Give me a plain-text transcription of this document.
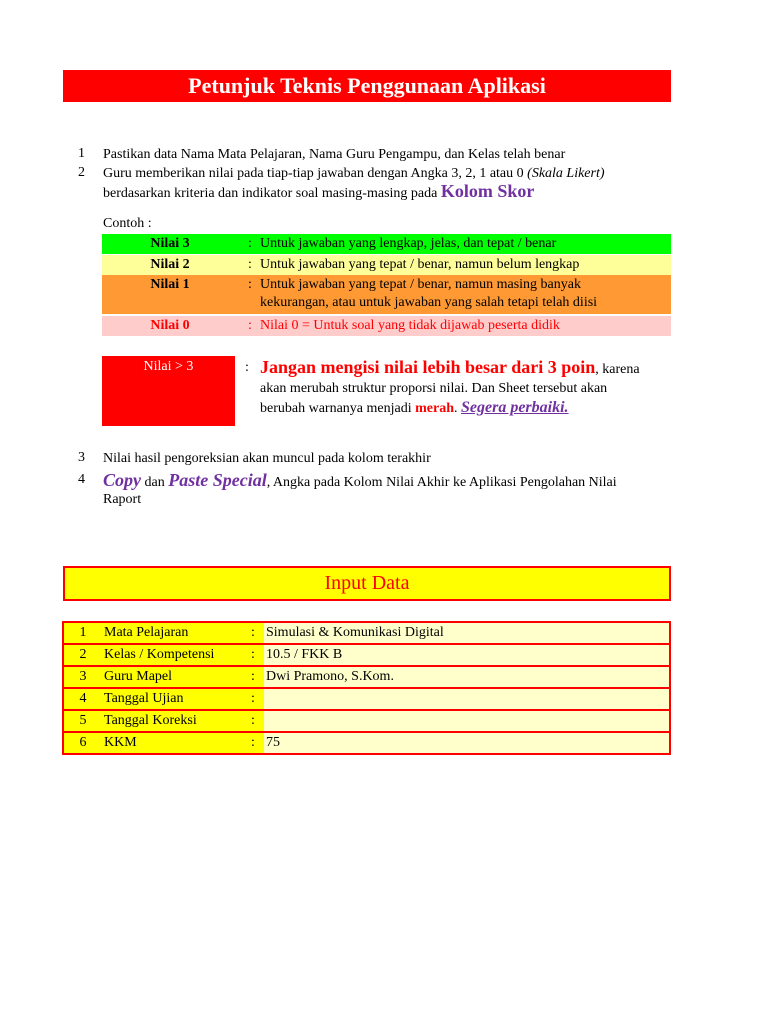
Petunjuk Teknis Penggunaan Aplikasi
1	Pastikan data Nama Mata Pelajaran, Nama Guru Pengampu, dan Kelas telah benar
2	Guru memberikan nilai pada tiap-tiap jawaban dengan Angka 3, 2, 1 atau 0 (Skala Likert)
berdasarkan kriteria dan indikator soal masing-masing pada Kolom Skor
Contoh :
Nilai 3	: Untuk jawaban yang lengkap, jelas, dan tepat / benar
Nilai 2	: Untuk jawaban yang tepat / benar, namun belum lengkap
Nilai 1	: Untuk jawaban yang tepat / benar, namun masing banyak
kekurangan, atau untuk jawaban yang salah tetapi telah diisi
Nilai 0	: Nilai 0 = Untuk soal yang tidak dijawab peserta didik
Nilai > 3	: Jangan mengisi nilai lebih besar dari 3 poin, karena
akan merubah struktur proporsi nilai. Dan Sheet tersebut akan
berubah warnanya menjadi merah. Segera perbaiki.
3	Nilai hasil pengoreksian akan muncul pada kolom terakhir
4	Copy dan Paste Special, Angka pada Kolom Nilai Akhir ke Aplikasi Pengolahan Nilai
Raport
Input Data
1	Mata Pelajaran	:	Simulasi & Komunikasi Digital
2	Kelas / Kompetensi	:	10.5 / FKK B
3	Guru Mapel	:	Dwi Pramono, S.Kom.
4	Tanggal Ujian	:	
5	Tanggal Koreksi	:	
6	KKM	:	75
